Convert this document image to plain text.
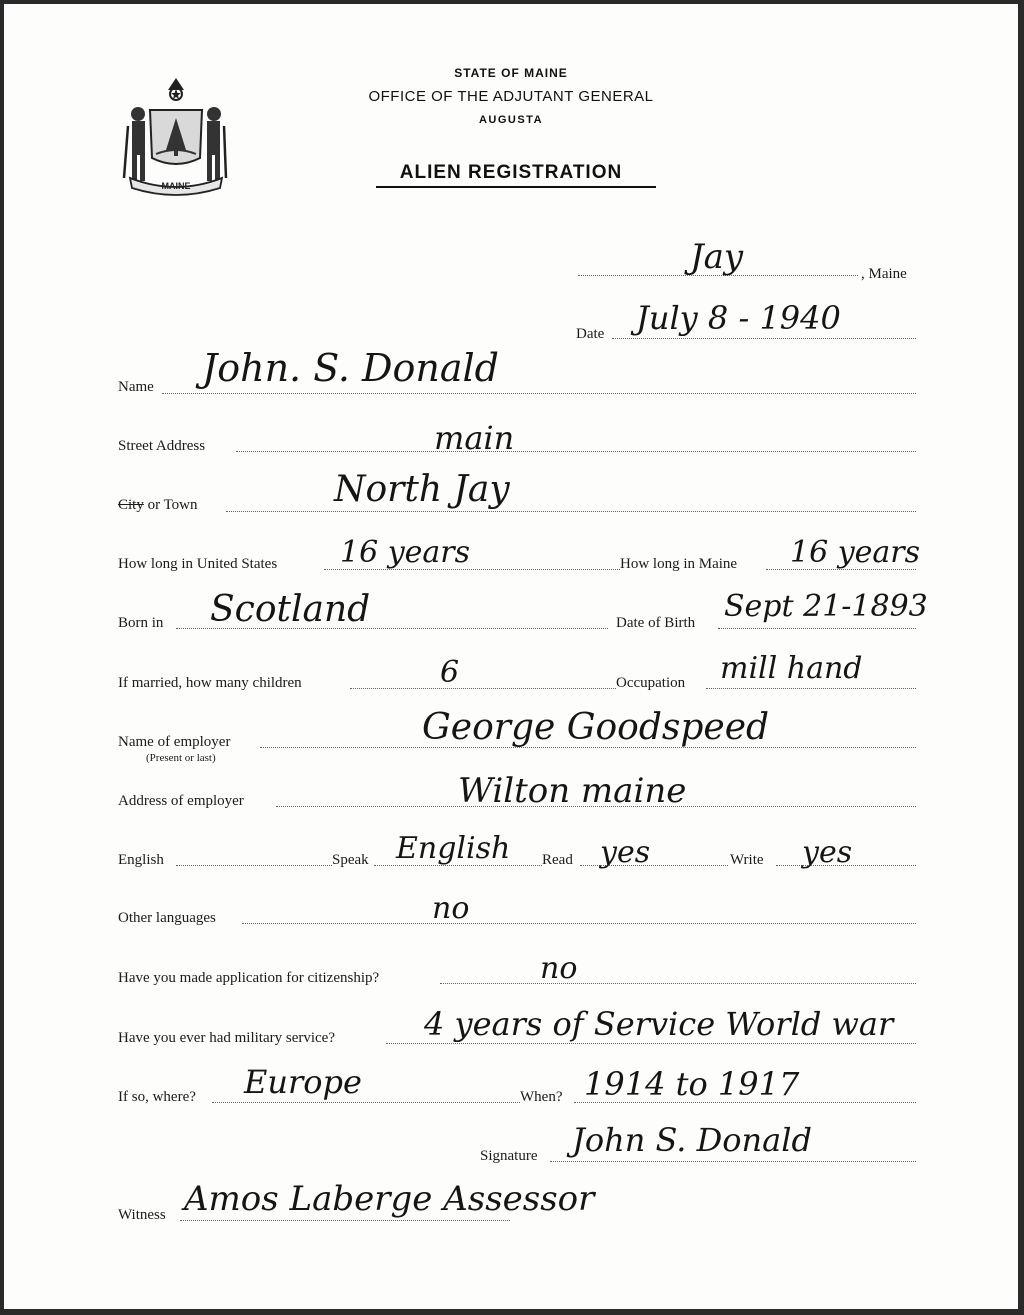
STATE OF MAINE
OFFICE OF THE ADJUTANT GENERAL
AUGUSTA
ALIEN REGISTRATION
MAINE
Jay	, Maine
Date July 8 - 1940
Name John. S. Donald
Street Address	main
City or Town	North Jay
How long in United States 16 years	How long in Maine 16 years
Born in Scotland	Date of Birth Sept 21-1893
If married, how many children	6	Occupation mill hand
Name of employer
(Present or last)
George Goodspeed
Address of employer	Wilton maine
English	Speak English Read yes	Write yes
Other languages	no
Have you made application for citizenship?	no
Have you ever had military service?	4 years of Service World war
If so, where? Europe	When? 1914 to 1917
Signature John S. Donald
Witness Amos Laberge Assessor
